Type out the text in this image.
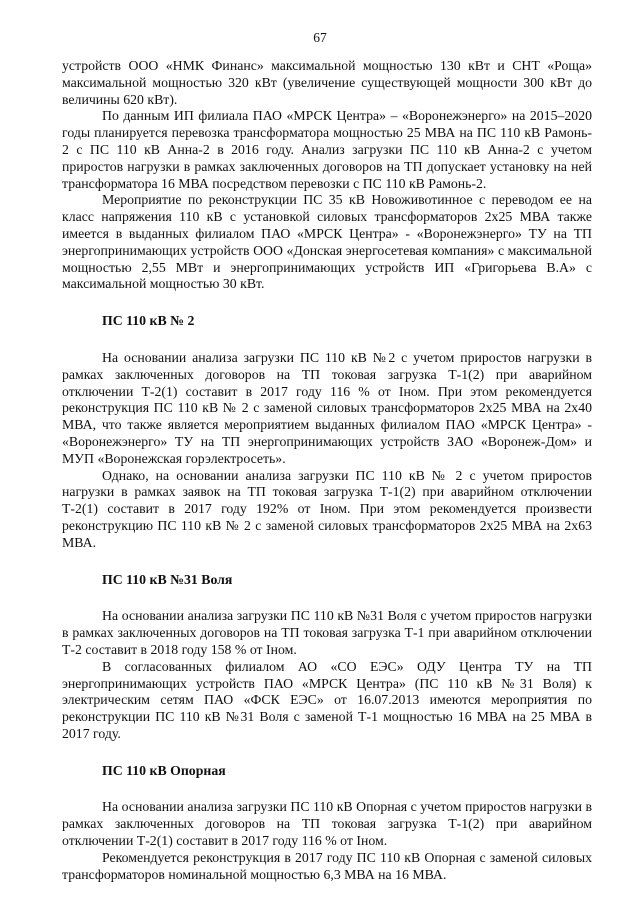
67

устройств ООО «НМК Финанс» максимальной мощностью 130 кВт и СНТ «Роща» максимальной мощностью 320 кВт (увеличение существующей мощности 300 кВт до величины 620 кВт).

По данным ИП филиала ПАО «МРСК Центра» – «Воронежэнерго» на 2015–2020 годы планируется перевозка трансформатора мощностью 25 МВА на ПС 110 кВ Рамонь- 2 с ПС 110 кВ Анна-2 в 2016 году. Анализ загрузки ПС 110 кВ Анна-2 с учетом приростов нагрузки в рамках заключенных договоров на ТП допускает установку на ней трансформатора 16 МВА посредством перевозки с ПС 110 кВ Рамонь-2.

Мероприятие по реконструкции ПС 35 кВ Новоживотинное с переводом ее на класс напряжения 110 кВ с установкой силовых трансформаторов 2х25 МВА также имеется в выданных филиалом ПАО «МРСК Центра» - «Воронежэнерго» ТУ на ТП энергопринимающих устройств ООО «Донская энергосетевая компания» с максимальной мощностью 2,55 МВт и энергопринимающих устройств ИП «Григорьева В.А» с максимальной мощностью 30 кВт.

ПС 110 кВ № 2

На основании анализа загрузки ПС 110 кВ №2 с учетом приростов нагрузки в рамках заключенных договоров на ТП токовая загрузка Т-1(2) при аварийном отключении Т-2(1) составит в 2017 году 116 % от Iном. При этом рекомендуется реконструкция ПС 110 кВ № 2 с заменой силовых трансформаторов 2х25 МВА на 2х40 МВА, что также является мероприятием выданных филиалом ПАО «МРСК Центра» - «Воронежэнерго» ТУ на ТП энергопринимающих устройств ЗАО «Воронеж-Дом» и МУП «Воронежская горэлектросеть».

Однако, на основании анализа загрузки ПС 110 кВ № 2 с учетом приростов нагрузки в рамках заявок на ТП токовая загрузка Т-1(2) при аварийном отключении Т-2(1) составит в 2017 году 192% от Iном. При этом рекомендуется произвести реконструкцию ПС 110 кВ № 2 с заменой силовых трансформаторов 2х25 МВА на 2х63 МВА.

ПС 110 кВ №31 Воля

На основании анализа загрузки ПС 110 кВ №31 Воля с учетом приростов нагрузки в рамках заключенных договоров на ТП токовая загрузка Т-1 при аварийном отключении Т-2 составит в 2018 году 158 % от Iном.

В согласованных филиалом АО «СО ЕЭС» ОДУ Центра ТУ на ТП энергопринимающих устройств ПАО «МРСК Центра» (ПС 110 кВ №31 Воля) к электрическим сетям ПАО «ФСК ЕЭС» от 16.07.2013 имеются мероприятия по реконструкции ПС 110 кВ №31 Воля с заменой Т-1 мощностью 16 МВА на 25 МВА в 2017 году.

ПС 110 кВ Опорная

На основании анализа загрузки ПС 110 кВ Опорная с учетом приростов нагрузки в рамках заключенных договоров на ТП токовая загрузка Т-1(2) при аварийном отключении Т-2(1) составит в 2017 году 116 % от Iном.

Рекомендуется реконструкция в 2017 году ПС 110 кВ Опорная с заменой силовых трансформаторов номинальной мощностью 6,3 МВА на 16 МВА.
